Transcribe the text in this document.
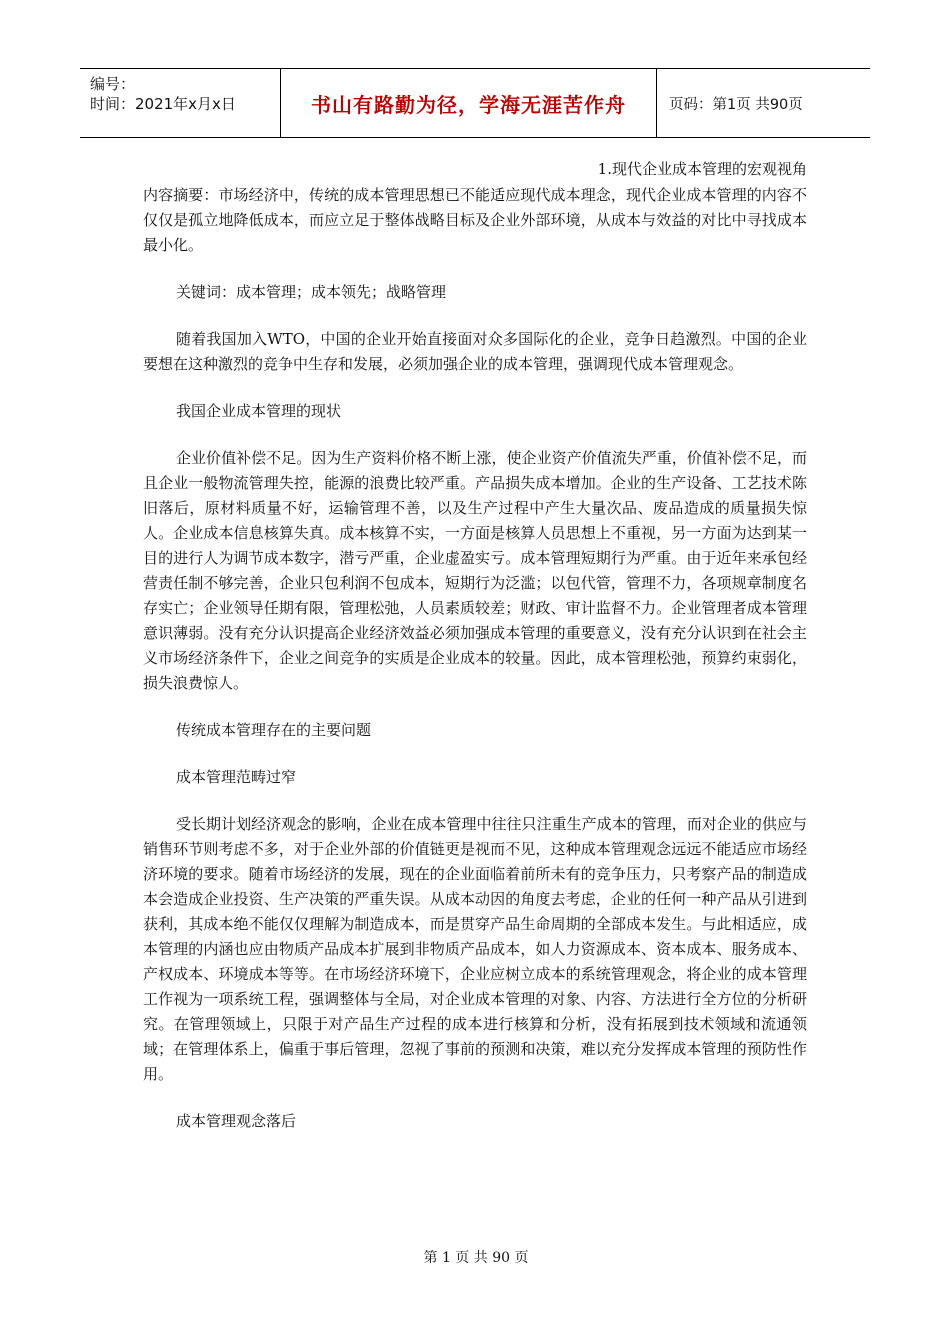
编号：
时间：2021年x月x日	书山有路勤为径，学海无涯苦作舟	页码：第1页 共90页
1.现代企业成本管理的宏观视角

内容摘要：市场经济中，传统的成本管理思想已不能适应现代成本理念，现代企业成本管理的内容不仅仅是孤立地降低成本，而应立足于整体战略目标及企业外部环境，从成本与效益的对比中寻找成本最小化。

关键词：成本管理；成本领先；战略管理

随着我国加入WTO，中国的企业开始直接面对众多国际化的企业，竞争日趋激烈。中国的企业要想在这种激烈的竞争中生存和发展，必须加强企业的成本管理，强调现代成本管理观念。

我国企业成本管理的现状

企业价值补偿不足。因为生产资料价格不断上涨，使企业资产价值流失严重，价值补偿不足，而且企业一般物流管理失控，能源的浪费比较严重。产品损失成本增加。企业的生产设备、工艺技术陈旧落后，原材料质量不好，运输管理不善，以及生产过程中产生大量次品、废品造成的质量损失惊人。企业成本信息核算失真。成本核算不实，一方面是核算人员思想上不重视，另一方面为达到某一目的进行人为调节成本数字，潜亏严重，企业虚盈实亏。成本管理短期行为严重。由于近年来承包经营责任制不够完善，企业只包利润不包成本，短期行为泛滥；以包代管，管理不力，各项规章制度名存实亡；企业领导任期有限，管理松弛，人员素质较差；财政、审计监督不力。企业管理者成本管理意识薄弱。没有充分认识提高企业经济效益必须加强成本管理的重要意义，没有充分认识到在社会主义市场经济条件下，企业之间竞争的实质是企业成本的较量。因此，成本管理松弛，预算约束弱化，损失浪费惊人。

传统成本管理存在的主要问题

成本管理范畴过窄

受长期计划经济观念的影响，企业在成本管理中往往只注重生产成本的管理，而对企业的供应与销售环节则考虑不多，对于企业外部的价值链更是视而不见，这种成本管理观念远远不能适应市场经济环境的要求。随着市场经济的发展，现在的企业面临着前所未有的竞争压力，只考察产品的制造成本会造成企业投资、生产决策的严重失误。从成本动因的角度去考虑，企业的任何一种产品从引进到获利，其成本绝不能仅仅理解为制造成本，而是贯穿产品生命周期的全部成本发生。与此相适应，成本管理的内涵也应由物质产品成本扩展到非物质产品成本，如人力资源成本、资本成本、服务成本、产权成本、环境成本等等。在市场经济环境下，企业应树立成本的系统管理观念，将企业的成本管理工作视为一项系统工程，强调整体与全局，对企业成本管理的对象、内容、方法进行全方位的分析研究。在管理领域上，只限于对产品生产过程的成本进行核算和分析，没有拓展到技术领域和流通领域；在管理体系上，偏重于事后管理，忽视了事前的预测和决策，难以充分发挥成本管理的预防性作用。

成本管理观念落后

第 1 页 共 90 页
